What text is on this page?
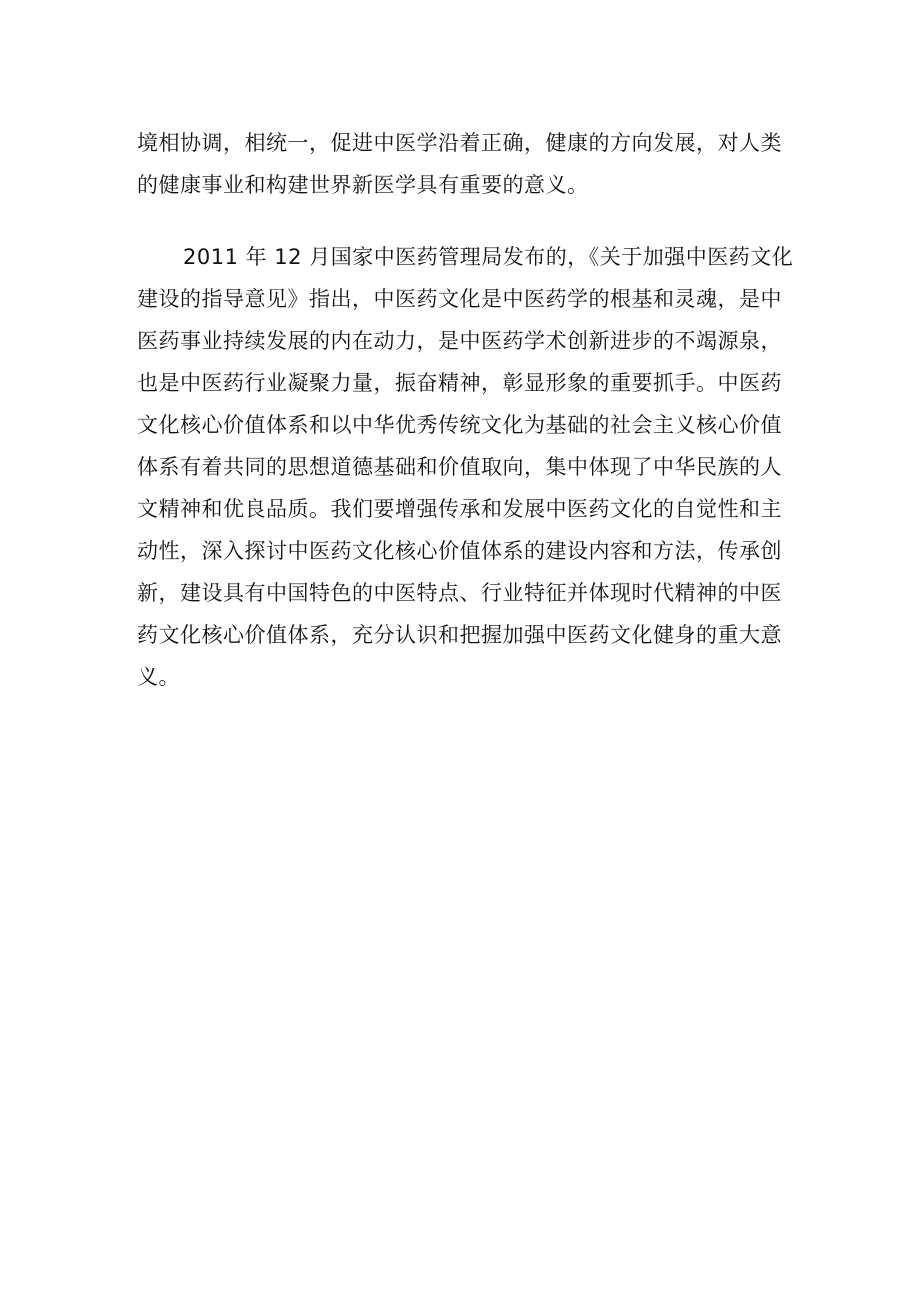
境相协调，相统一，促进中医学沿着正确，健康的方向发展，对人类
的健康事业和构建世界新医学具有重要的意义。
2011 年 12 月国家中医药管理局发布的，《关于加强中医药文化
建设的指导意见》指出，中医药文化是中医药学的根基和灵魂，是中
医药事业持续发展的内在动力，是中医药学术创新进步的不竭源泉，
也是中医药行业凝聚力量，振奋精神，彰显形象的重要抓手。中医药
文化核心价值体系和以中华优秀传统文化为基础的社会主义核心价值
体系有着共同的思想道德基础和价值取向，集中体现了中华民族的人
文精神和优良品质。我们要增强传承和发展中医药文化的自觉性和主
动性，深入探讨中医药文化核心价值体系的建设内容和方法，传承创
新，建设具有中国特色的中医特点、行业特征并体现时代精神的中医
药文化核心价值体系，充分认识和把握加强中医药文化健身的重大意
义。
